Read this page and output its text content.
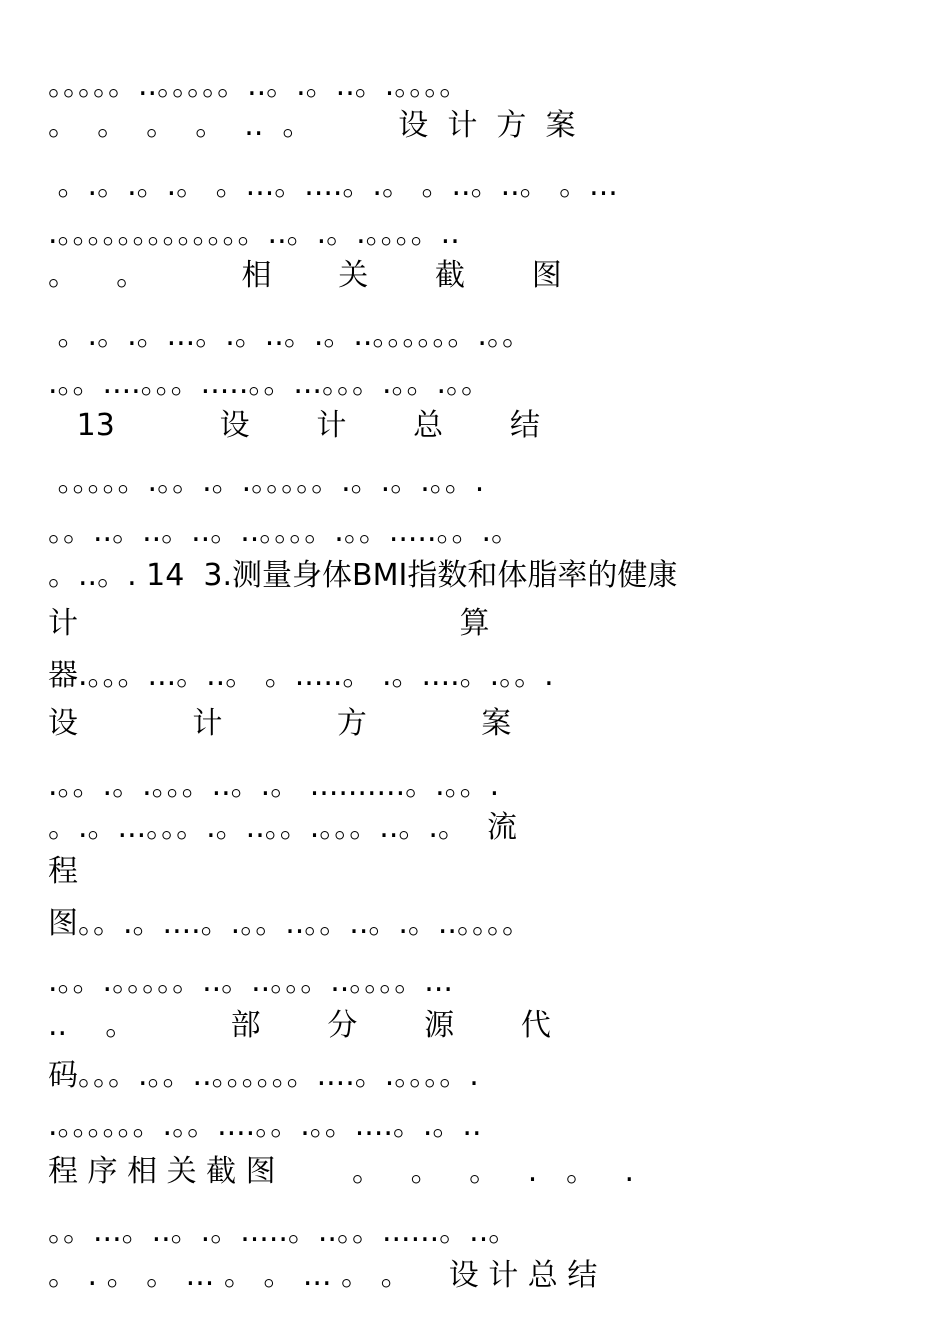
。。。。。..。。。。。..。.。..。.。。。。
。  。  。  。  ..  。         设  计  方  案
。.。.。.。 。...。....。.。 。..。..。 。...
.。。。。。。。。。。。。。..。.。.。。。。..
。    。          相       关       截       图
。.。.。...。.。..。.。..。。。。。。.。。
.。。....。。。.....。。...。。。.。。.。。
13           设       计       总       结
。。。。。.。。.。.。。。。。.。.。.。。.
。。..。..。..。..。。。。.。。.....。。.。
。..。. 14  3.测量身体BMI指数和体脂率的健康
计                                        算
器.。。。...。..。 。.....。 .。....。.。。.
设            计            方            案
.。。.。.。。。..。.。 ..........。.。。.
。.。...。。。.。..。。.。。。..。.。  流
程
图。。.。....。.。。..。。..。.。..。。。。
.。。.。。。。。..。..。。。..。。。。...
..    。          部       分       源       代
码。。。.。。..。。。。。。....。.。。。。.
.。。。。。。.。。....。。.。。....。.。..
程 序 相 关 截 图        。   。   。   .   。   .
。。...。..。.。.....。..。。......。..。
。 . 。 。 ... 。 。 ... 。 。    设 计 总 结
